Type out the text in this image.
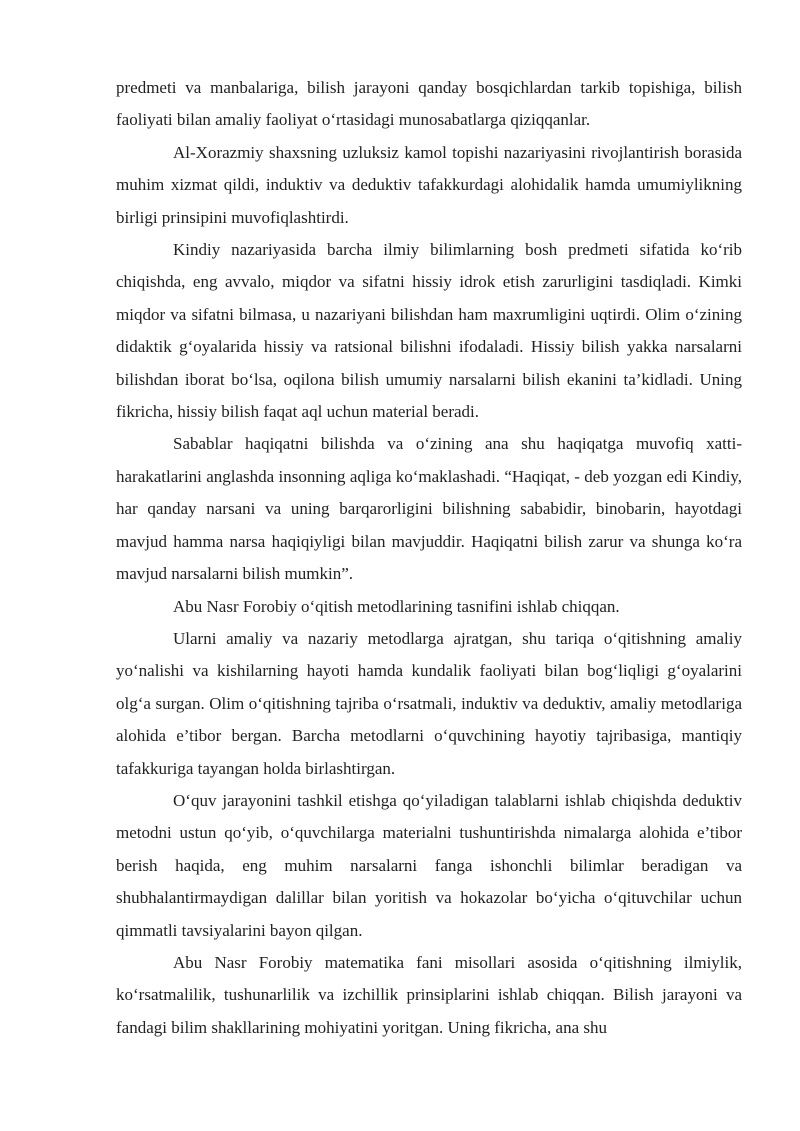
predmeti va manbalariga, bilish jarayoni qanday bosqichlardan tarkib topishiga, bilish faoliyati bilan amaliy faoliyat o‘rtasidagi munosabatlarga qiziqqanlar.

Al-Xorazmiy shaxsning uzluksiz kamol topishi nazariyasini rivojlantirish borasida muhim xizmat qildi, induktiv va deduktiv tafakkurdagi alohidalik hamda umumiylikning birligi prinsipini muvofiqlashtirdi.

Kindiy nazariyasida barcha ilmiy bilimlarning bosh predmeti sifatida ko‘rib chiqishda, eng avvalo, miqdor va sifatni hissiy idrok etish zarurligini tasdiqladi. Kimki miqdor va sifatni bilmasa, u nazariyani bilishdan ham maxrumligini uqtirdi. Olim o‘zining didaktik g‘oyalarida hissiy va ratsional bilishni ifodaladi. Hissiy bilish yakka narsalarni bilishdan iborat bo‘lsa, oqilona bilish umumiy narsalarni bilish ekanini ta’kidladi. Uning fikricha, hissiy bilish faqat aql uchun material beradi.

Sabablar haqiqatni bilishda va o‘zining ana shu haqiqatga muvofiq xatti-harakatlarini anglashda insonning aqliga ko‘maklashadi. “Haqiqat, - deb yozgan edi Kindiy, har qanday narsani va uning barqarorligini bilishning sababidir, binobarin, hayotdagi mavjud hamma narsa haqiqiyligi bilan mavjuddir. Haqiqatni bilish zarur va shunga ko‘ra mavjud narsalarni bilish mumkin”.

Abu Nasr Forobiy o‘qitish metodlarining tasnifini ishlab chiqqan.

Ularni amaliy va nazariy metodlarga ajratgan, shu tariqa o‘qitishning amaliy yo‘nalishi va kishilarning hayoti hamda kundalik faoliyati bilan bog‘liqligi g‘oyalarini olg‘a surgan. Olim o‘qitishning tajriba o‘rsatmali, induktiv va deduktiv, amaliy metodlariga alohida e’tibor bergan. Barcha metodlarni o‘quvchining hayotiy tajribasiga, mantiqiy tafakkuriga tayangan holda birlashtirgan.

O‘quv jarayonini tashkil etishga qo‘yiladigan talablarni ishlab chiqishda deduktiv metodni ustun qo‘yib, o‘quvchilarga materialni tushuntirishda nimalarga alohida e’tibor berish haqida, eng muhim narsalarni fanga ishonchli bilimlar beradigan va shubhalantirmaydigan dalillar bilan yoritish va hokazolar bo‘yicha o‘qituvchilar uchun qimmatli tavsiyalarini bayon qilgan.

Abu Nasr Forobiy matematika fani misollari asosida o‘qitishning ilmiylik, ko‘rsatmalilik, tushunarlilik va izchillik prinsiplarini ishlab chiqqan. Bilish jarayoni va fandagi bilim shakllarining mohiyatini yoritgan. Uning fikricha, ana shu
